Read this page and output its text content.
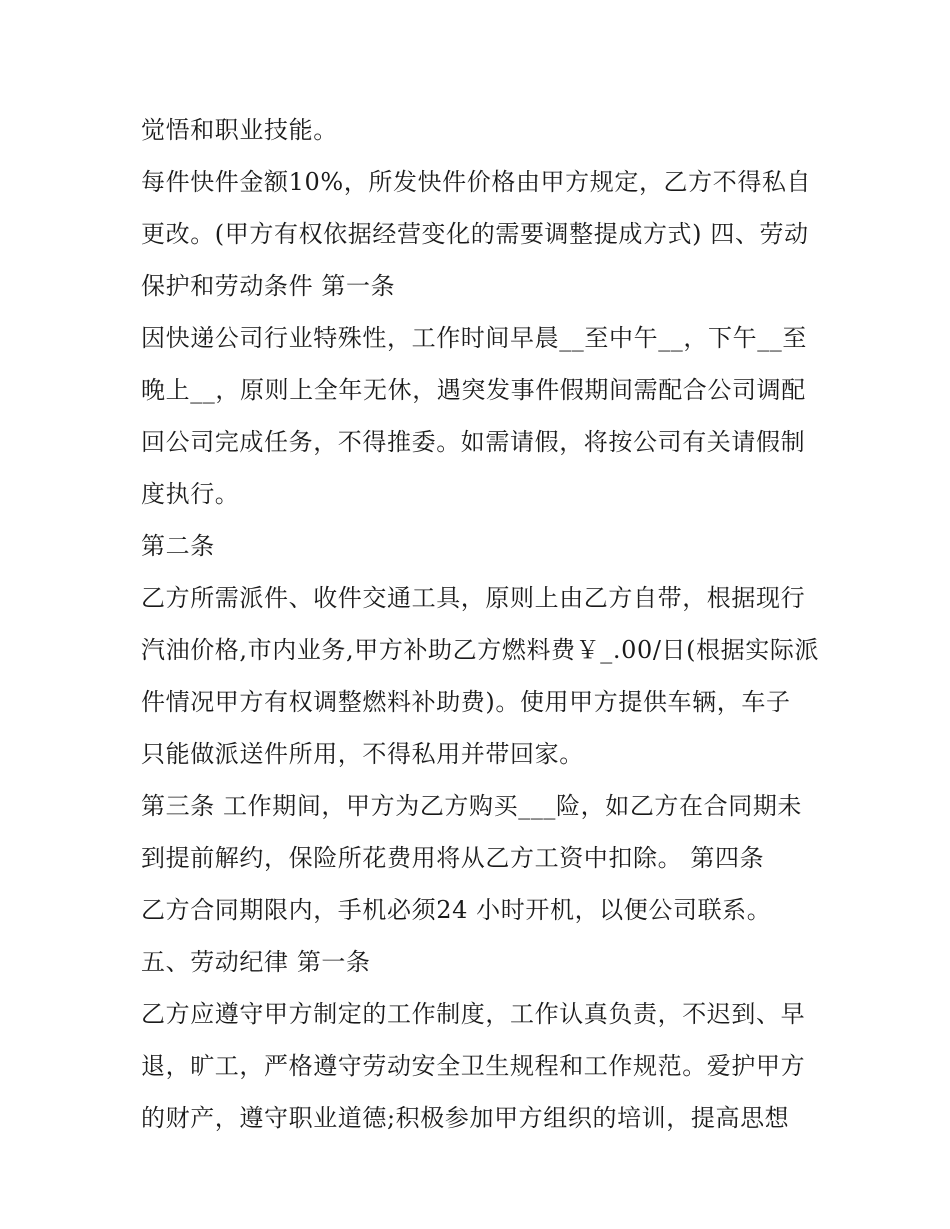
觉悟和职业技能。
每件快件金额10%，所发快件价格由甲方规定，乙方不得私自
更改。(甲方有权依据经营变化的需要调整提成方式) 四、劳动
保护和劳动条件 第一条
因快递公司行业特殊性，工作时间早晨__至中午__，下午__至
晚上__，原则上全年无休，遇突发事件假期间需配合公司调配
回公司完成任务，不得推委。如需请假，将按公司有关请假制
度执行。
第二条
乙方所需派件、收件交通工具，原则上由乙方自带，根据现行
汽油价格,市内业务,甲方补助乙方燃料费￥_.00/日(根据实际派
件情况甲方有权调整燃料补助费)。使用甲方提供车辆，车子
只能做派送件所用，不得私用并带回家。
第三条 工作期间，甲方为乙方购买___险，如乙方在合同期未
到提前解约，保险所花费用将从乙方工资中扣除。 第四条
乙方合同期限内，手机必须24 小时开机，以便公司联系。
五、劳动纪律 第一条
乙方应遵守甲方制定的工作制度，工作认真负责，不迟到、早
退，旷工，严格遵守劳动安全卫生规程和工作规范。爱护甲方
的财产，遵守职业道德;积极参加甲方组织的培训，提高思想
